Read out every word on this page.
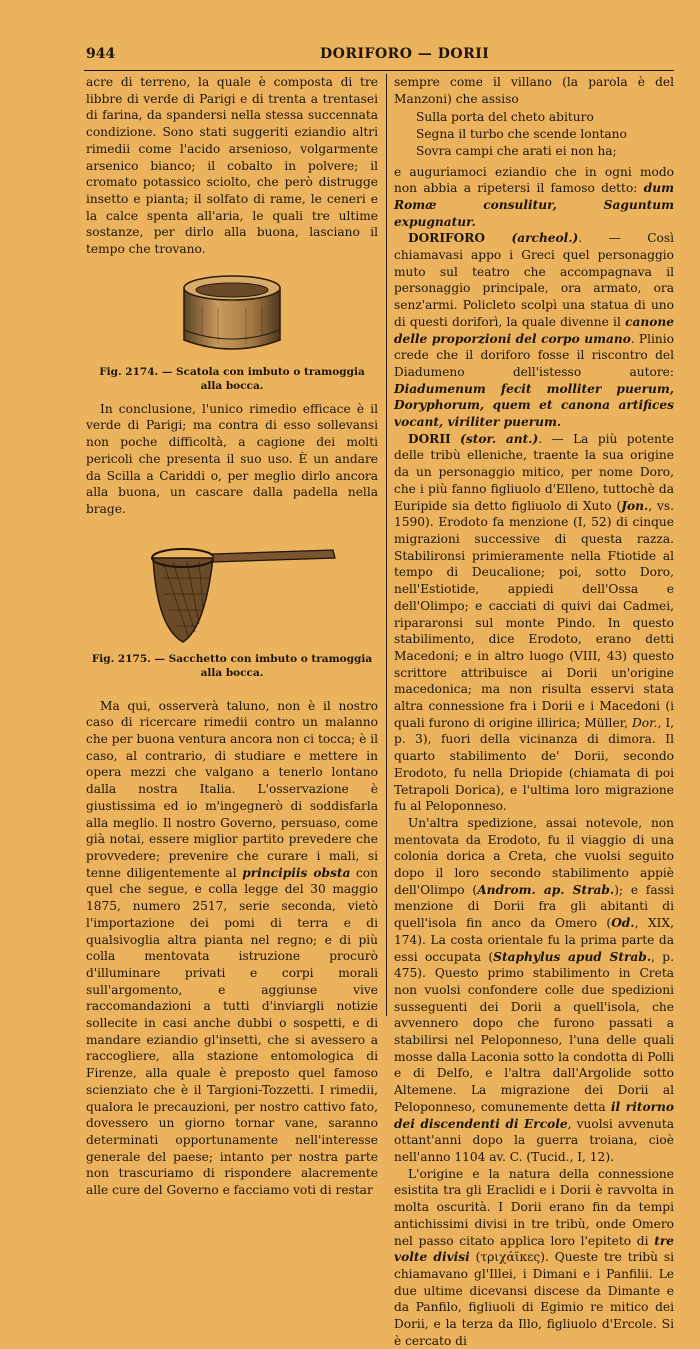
944	DORIFORO — DORII

acre di terreno, la quale è composta di tre libbre di verde di Parigi e di trenta a trentasei di farina, da spandersi nella stessa succennata condizione. Sono stati suggeriti eziandio altri rimedii come l'acido arsenioso, volgarmente arsenico bianco; il cobalto in polvere; il cromato potassico sciolto, che però distrugge insetto e pianta; il solfato di rame, le ceneri e la calce spenta all'aria, le quali tre ultime sostanze, per dirlo alla buona, lasciano il tempo che trovano.

Fig. 2174. — Scatola con imbuto o tramoggia
alla bocca.

In conclusione, l'unico rimedio efficace è il verde di Parigi; ma contra di esso sollevansi non poche difficoltà, a cagione dei molti pericoli che presenta il suo uso. È un andare da Scilla a Cariddi o, per meglio dirlo ancora alla buona, un cascare dalla padella nella brage.

Fig. 2175. — Sacchetto con imbuto o tramoggia
alla bocca.

Ma qui, osserverà taluno, non è il nostro caso di ricercare rimedii contro un malanno che per buona ventura ancora non ci tocca; è il caso, al contrario, di studiare e mettere in opera mezzi che valgano a tenerlo lontano dalla nostra Italia. L'osservazione è giustissima ed io m'ingegnerò di soddisfarla alla meglio. Il nostro Governo, persuaso, come già notai, essere miglior partito prevedere che provvedere; prevenire che curare i mali, si tenne diligentemente al principiis obsta con quel che segue, e colla legge del 30 maggio 1875, numero 2517, serie seconda, vietò l'importazione dei pomi di terra e di qualsivoglia altra pianta nel regno; e di più colla mentovata istruzione procurò d'illuminare privati e corpi morali sull'argomento, e aggiunse vive raccomandazioni a tutti d'inviargli notizie sollecite in casi anche dubbi o sospetti, e di mandare eziandio gl'insetti, che si avessero a raccogliere, alla stazione entomologica di Firenze, alla quale è preposto quel famoso scienziato che è il Targioni-Tozzetti. I rimedii, qualora le precauzioni, per nostro cattivo fato, dovessero un giorno tornar vane, saranno determinati opportunamente nell'interesse generale del paese; intanto per nostra parte non trascuriamo di rispondere alacremente alle cure del Governo e facciamo voti di restar

sempre come il villano (la parola è del Manzoni) che assiso

Sulla porta del cheto abituro
Segna il turbo che scende lontano
Sovra campi che arati ei non ha;

e auguriamoci eziandio che in ogni modo non abbia a ripetersi il famoso detto: dum Romæ consulitur, Saguntum expugnatur.

DORIFORO (archeol.). — Così chiamavasi appo i Greci quel personaggio muto sul teatro che accompagnava il personaggio principale, ora armato, ora senz'armi. Policleto scolpì una statua di uno di questi doriforì, la quale divenne il canone delle proporzioni del corpo umano. Plinio crede che il doriforo fosse il riscontro del Diadumeno dell'istesso autore: Diadumenum fecit molliter puerum, Doryphorum, quem et canona artifices vocant, viriliter puerum.

DORII (stor. ant.). — La più potente delle tribù elleniche, traente la sua origine da un personaggio mitico, per nome Doro, che i più fanno figliuolo d'Elleno, tuttochè da Euripide sia detto figliuolo di Xuto (Jon., vs. 1590). Erodoto fa menzione (I, 52) di cinque migrazioni successive di questa razza. Stabilironsi primieramente nella Ftiotide al tempo di Deucalione; poi, sotto Doro, nell'Estiotide, appiedi dell'Ossa e dell'Olimpo; e cacciati di quivi dai Cadmei, ripararonsi sul monte Pindo. In questo stabilimento, dice Erodoto, erano detti Macedoni; e in altro luogo (VIII, 43) questo scrittore attribuisce ai Dorii un'origine macedonica; ma non risulta esservi stata altra connessione fra i Dorii e i Macedoni (i quali furono di origine illirica; Müller, Dor., I, p. 3), fuori della vicinanza di dimora. Il quarto stabilimento de' Dorii, secondo Erodoto, fu nella Driopide (chiamata di poi Tetrapoli Dorica), e l'ultima loro migrazione fu al Peloponneso.

Un'altra spedizione, assai notevole, non mentovata da Erodoto, fu il viaggio di una colonia dorica a Creta, che vuolsi seguito dopo il loro secondo stabilimento appiè dell'Olimpo (Androm. ap. Strab.); e fassi menzione di Dorii fra gli abitanti di quell'isola fin anco da Omero (Od., XIX, 174). La costa orientale fu la prima parte da essi occupata (Staphylus apud Strab., p. 475). Questo primo stabilimento in Creta non vuolsi confondere colle due spedizioni susseguenti dei Dorii a quell'isola, che avvennero dopo che furono passati a stabilirsi nel Peloponneso, l'una delle quali mosse dalla Laconia sotto la condotta di Polli e di Delfo, e l'altra dall'Argolide sotto Altemene. La migrazione dei Dorii al Peloponneso, comunemente detta il ritorno dei discendenti di Ercole, vuolsi avvenuta ottant'anni dopo la guerra troiana, cioè nell'anno 1104 av. C. (Tucid., I, 12).

L'origine e la natura della connessione esistita tra gli Eraclidi e i Dorii è ravvolta in molta oscurità. I Dorii erano fin da tempi antichissimi divisi in tre tribù, onde Omero nel passo citato applica loro l'epiteto di tre volte divisi (τριχάϊκες). Queste tre tribù si chiamavano gl'Illei, i Dimani e i Panfilii. Le due ultime dicevansi discese da Dimante e da Panfilo, figliuoli di Egimio re mitico dei Dorii, e la terza da Illo, figliuolo d'Ercole. Si è cercato di
